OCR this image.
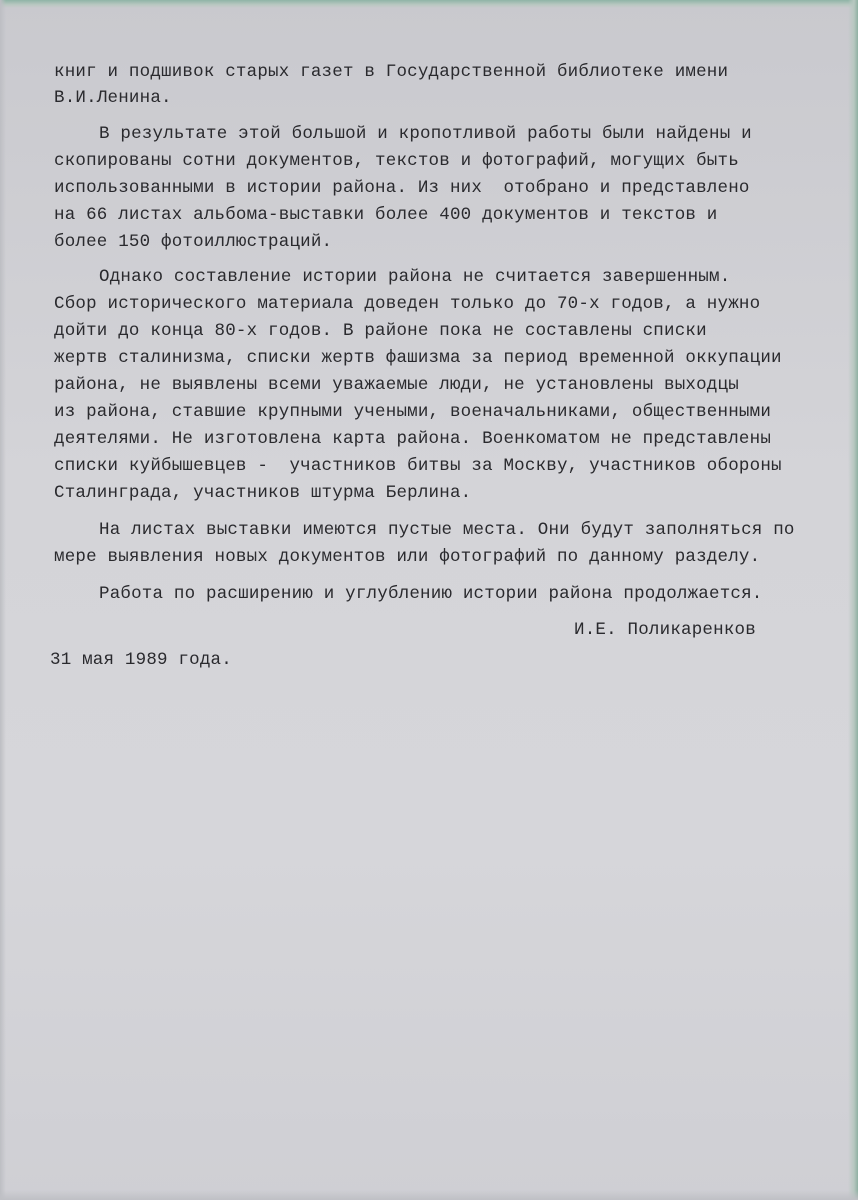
книг и подшивок старых газет в Государственной библиотеке имени
В.И.Ленина.
В результате этой большой и кропотливой работы были найдены и
скопированы сотни документов, текстов и фотографий, могущих быть
использованными в истории района. Из них  отобрано и представлено
на 66 листах альбома-выставки более 400 документов и текстов и
более 150 фотоиллюстраций.
Однако составление истории района не считается завершенным.
Сбор исторического материала доведен только до 70-х годов, а нужно
дойти до конца 80-х годов. В районе пока не составлены списки
жертв сталинизма, списки жертв фашизма за период временной оккупации
района, не выявлены всеми уважаемые люди, не установлены выходцы
из района, ставшие крупными учеными, военачальниками, общественными
деятелями. Не изготовлена карта района. Военкоматом не представлены
списки куйбышевцев -  участников битвы за Москву, участников обороны
Сталинграда, участников штурма Берлина.
На листах выставки имеются пустые места. Они будут заполняться по
мере выявления новых документов или фотографий по данному разделу.
Работа по расширению и углублению истории района продолжается.
И.Е. Поликаренков
31 мая 1989 года.
